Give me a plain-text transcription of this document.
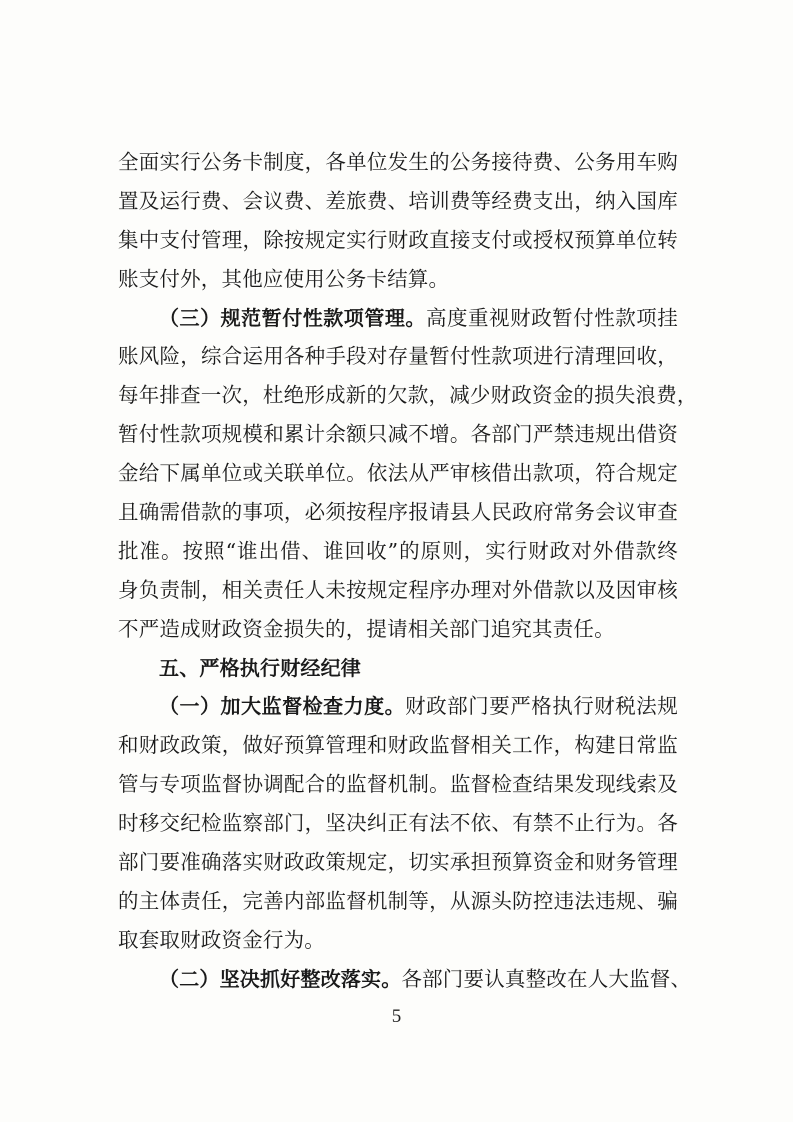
全面实行公务卡制度，各单位发生的公务接待费、公务用车购
置及运行费、会议费、差旅费、培训费等经费支出，纳入国库
集中支付管理，除按规定实行财政直接支付或授权预算单位转
账支付外，其他应使用公务卡结算。
（三）规范暂付性款项管理。高度重视财政暂付性款项挂
账风险，综合运用各种手段对存量暂付性款项进行清理回收，
每年排查一次，杜绝形成新的欠款，减少财政资金的损失浪费，
暂付性款项规模和累计余额只减不增。各部门严禁违规出借资
金给下属单位或关联单位。依法从严审核借出款项，符合规定
且确需借款的事项，必须按程序报请县人民政府常务会议审查
批准。按照“谁出借、谁回收”的原则，实行财政对外借款终
身负责制，相关责任人未按规定程序办理对外借款以及因审核
不严造成财政资金损失的，提请相关部门追究其责任。
五、严格执行财经纪律
（一）加大监督检查力度。财政部门要严格执行财税法规
和财政政策，做好预算管理和财政监督相关工作，构建日常监
管与专项监督协调配合的监督机制。监督检查结果发现线索及
时移交纪检监察部门，坚决纠正有法不依、有禁不止行为。各
部门要准确落实财政政策规定，切实承担预算资金和财务管理
的主体责任，完善内部监督机制等，从源头防控违法违规、骗
取套取财政资金行为。
（二）坚决抓好整改落实。各部门要认真整改在人大监督、
5
